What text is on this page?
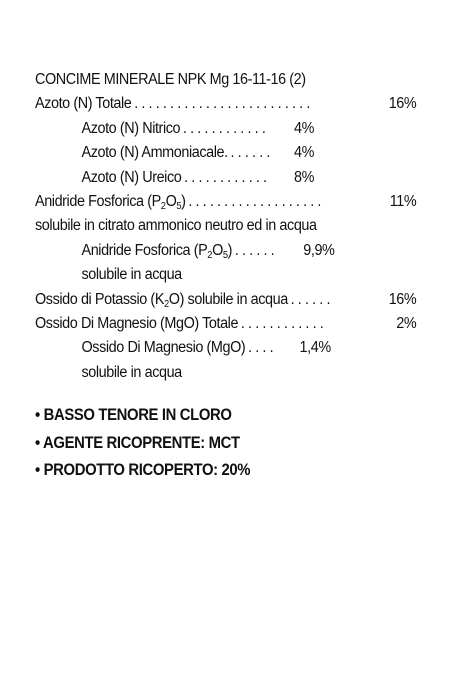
CONCIME MINERALE NPK Mg 16-11-16 (2)
Azoto (N) Totale . . . . . . . . . . . . . . . . . . . . . . . . .	16%
Azoto (N) Nitrico . . . . . . . . . . . .	4%
Azoto (N) Ammoniacale. . . . . . .	4%
Azoto (N) Ureico . . . . . . . . . . . .	8%
Anidride Fosforica $(P_2O_5)$ . . . . . . . . . . . . . . . . . . .	11%
solubile in citrato ammonico neutro ed in acqua
Anidride Fosforica $(P_2O_5)$ . . . . . .	9,9%
solubile in acqua
Ossido di Potassio $(K_2O)$ solubile in acqua . . . . . .	16%
Ossido Di Magnesio (MgO) Totale . . . . . . . . . . . .	2%
Ossido Di Magnesio (MgO) . . . .	1,4%
solubile in acqua
• BASSO TENORE IN CLORO
• AGENTE RICOPRENTE: MCT
• PRODOTTO RICOPERTO: 20%
